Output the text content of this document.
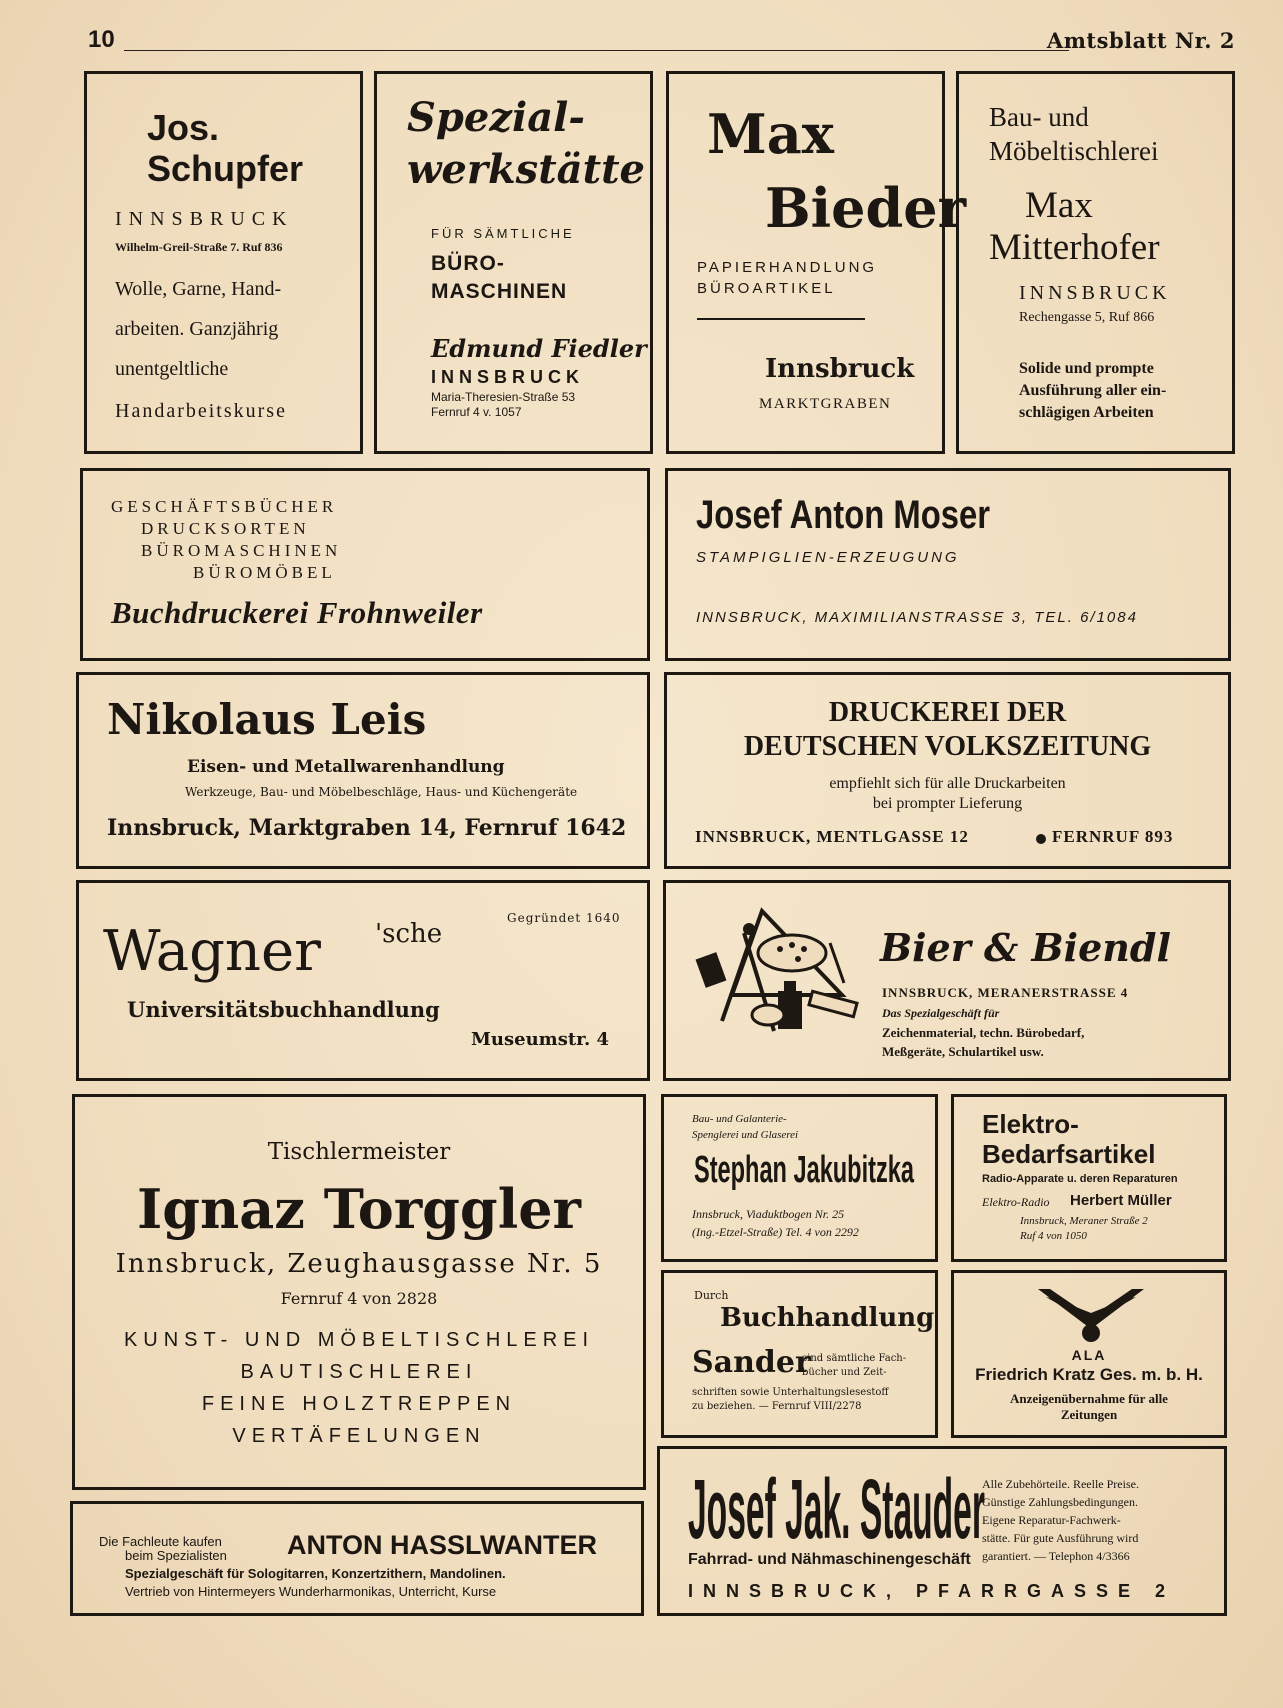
10	Amtsblatt Nr. 2
Jos.
Schupfer
INNSBRUCK
Wilhelm-Greil-Straße 7. Ruf 836
Wolle, Garne, Hand-
arbeiten. Ganzjährig
unentgeltliche
Handarbeitskurse
Spezial-
werkstätte
FÜR SÄMTLICHE
BÜRO-
MASCHINEN
Edmund Fiedler
INNSBRUCK
Maria-Theresien-Straße 53
Fernruf 4 v. 1057
Max
Bieder
PAPIERHANDLUNG
BÜROARTIKEL
Innsbruck
MARKTGRABEN
Bau- und
Möbeltischlerei
Max
Mitterhofer
INNSBRUCK
Rechengasse 5, Ruf 866
Solide und prompte
Ausführung aller ein-
schlägigen Arbeiten
GESCHÄFTSBÜCHER
DRUCKSORTEN
BÜROMASCHINEN
BÜROMÖBEL
Buchdruckerei Frohnweiler
Josef Anton Moser
STAMPIGLIEN-ERZEUGUNG
INNSBRUCK, MAXIMILIANSTRASSE 3, TEL. 6/1084
Nikolaus Leis
Eisen- und Metallwarenhandlung
Werkzeuge, Bau- und Möbelbeschläge, Haus- und Küchengeräte
Innsbruck, Marktgraben 14, Fernruf 1642
DRUCKEREI DER
DEUTSCHEN VOLKSZEITUNG
empfiehlt sich für alle Druckarbeiten
bei prompter Lieferung
INNSBRUCK, MENTLGASSE 12	FERNRUF 893
Gegründet 1640
Wagner 'sche
Universitätsbuchhandlung
Museumstr. 4
Bier & Biendl
INNSBRUCK, MERANERSTRASSE 4
Das Spezialgeschäft für
Zeichenmaterial, techn. Bürobedarf,
Meßgeräte, Schulartikel usw.
Tischlermeister
Ignaz Torggler
Innsbruck, Zeughausgasse Nr. 5
Fernruf 4 von 2828
KUNST- UND MÖBELTISCHLEREI
BAUTISCHLEREI
FEINE HOLZTREPPEN
VERTÄFELUNGEN
Bau- und Galanterie-
Spenglerei und Glaserei
Stephan Jakubitzka
Innsbruck, Viaduktbogen Nr. 25
(Ing.-Etzel-Straße) Tel. 4 von 2292
Elektro-
Bedarfsartikel
Radio-Apparate u. deren Reparaturen
Elektro-Radio Herbert Müller
Innsbruck, Meraner Straße 2
Ruf 4 von 1050
Durch
Buchhandlung
Sander
sind sämtliche Fach-
bücher und Zeit-
schriften sowie Unterhaltungslesestoff
zu beziehen. — Fernruf VIII/2278
ALA
Friedrich Kratz Ges. m. b. H.
Anzeigenübernahme für alle
Zeitungen
Die Fachleute kaufen
beim Spezialisten ANTON HASSLWANTER
Spezialgeschäft für Sologitarren, Konzertzithern, Mandolinen.
Vertrieb von Hintermeyers Wunderharmonikas, Unterricht, Kurse
Josef Jak. Stauder
Fahrrad- und Nähmaschinengeschäft
Alle Zubehörteile. Reelle Preise.
Günstige Zahlungsbedingungen.
Eigene Reparatur-Fachwerk-
stätte. Für gute Ausführung wird
garantiert. — Telephon 4/3366
INNSBRUCK, PFARRGASSE 2
